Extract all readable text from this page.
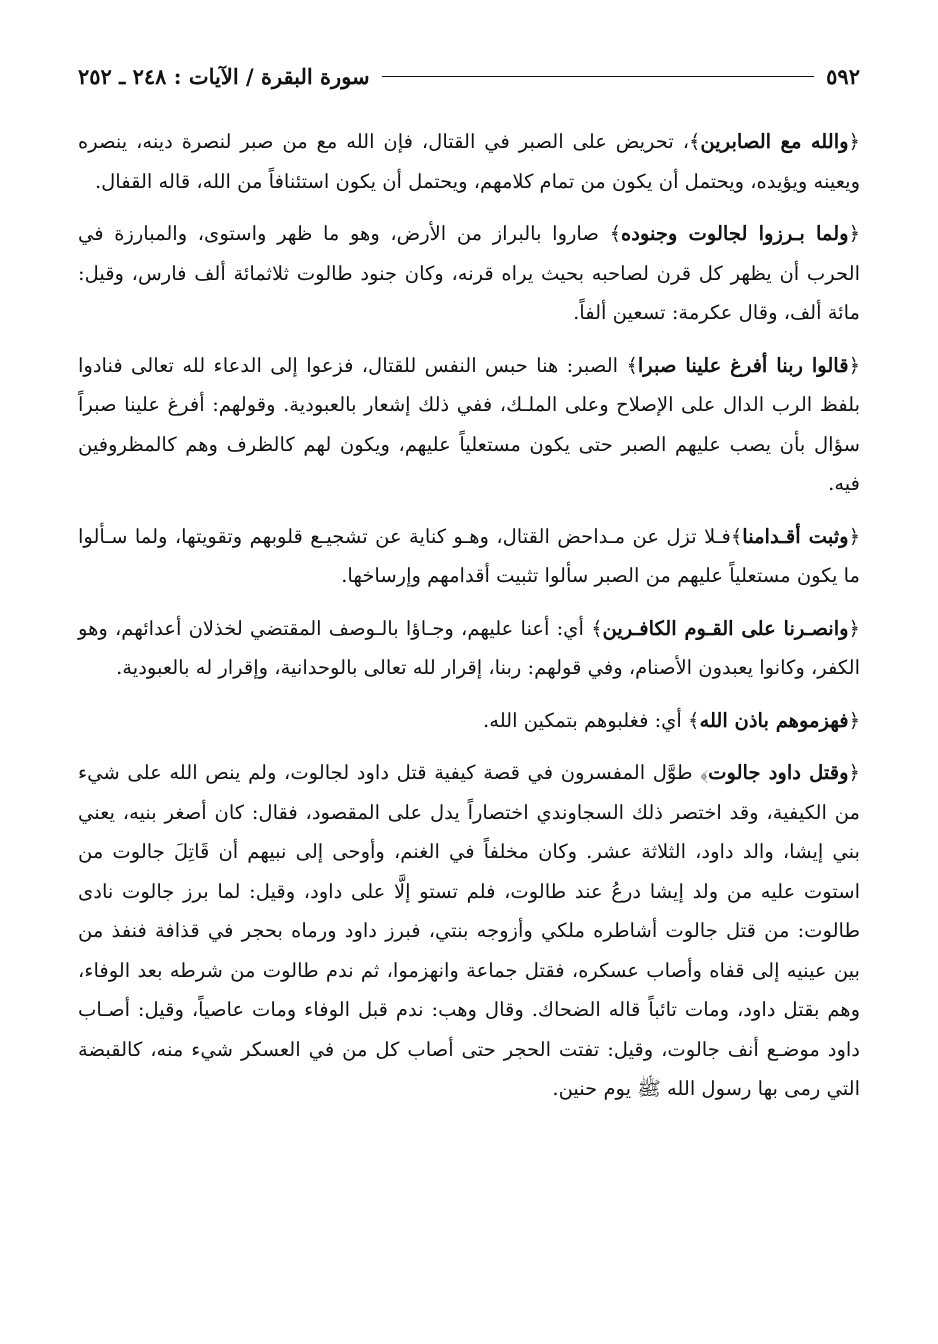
٥٩٢
سورة البقرة / الآيات : ٢٤٨ ـ ٢٥٢

﴿والله مع الصابرين﴾، تحريض على الصبر في القتال، فإن الله مع من صبر لنصرة دينه، ينصره ويعينه ويؤيده، ويحتمل أن يكون من تمام كلامهم، ويحتمل أن يكون استئنافاً من الله، قاله القفال.

﴿ولما بـرزوا لجالوت وجنوده﴾ صاروا بالبراز من الأرض، وهو ما ظهر واستوى، والمبارزة في الحرب أن يظهر كل قرن لصاحبه بحيث يراه قرنه، وكان جنود طالوت ثلاثمائة ألف فارس، وقيل: مائة ألف، وقال عكرمة: تسعين ألفاً.

﴿قالوا ربنا أفرغ علينا صبرا﴾ الصبر: هنا حبس النفس للقتال، فزعوا إلى الدعاء لله تعالى فنادوا بلفظ الرب الدال على الإصلاح وعلى الملـك، ففي ذلك إشعار بالعبودية. وقولهم: أفرغ علينا صبراً سؤال بأن يصب عليهم الصبر حتى يكون مستعلياً عليهم، ويكون لهم كالظرف وهم كالمظروفين فيه.

﴿وثبت أقـدامنا﴾فـلا تزل عن مـداحض القتال، وهـو كناية عن تشجيـع قلوبهم وتقويتها، ولما سـألوا ما يكون مستعلياً عليهم من الصبر سألوا تثبيت أقدامهم وإرساخها.

﴿وانصـرنا على القـوم الكافـرين﴾ أي: أعنا عليهم، وجـاؤا بالـوصف المقتضي لخذلان أعدائهم، وهو الكفر، وكانوا يعبدون الأصنام، وفي قولهم: ربنا، إقرار لله تعالى بالوحدانية، وإقرار له بالعبودية.

﴿فهزموهم باذن الله﴾ أي: فغلبوهم بتمكين الله.

﴿وقتل داود جالوت﴾ طوَّل المفسرون في قصة كيفية قتل داود لجالوت، ولم ينص الله على شيء من الكيفية، وقد اختصر ذلك السجاوندي اختصاراً يدل على المقصود، فقال: كان أصغر بنيه، يعني بني إيشا، والد داود، الثلاثة عشر. وكان مخلفاً في الغنم، وأوحى إلى نبيهم أن قَاتِلَ جالوت من استوت عليه من ولد إيشا درعُ عند طالوت، فلم تستو إلَّا على داود، وقيل: لما برز جالوت نادى طالوت: من قتل جالوت أشاطره ملكي وأزوجه بنتي، فبرز داود ورماه بحجر في قذافة فنفذ من بين عينيه إلى قفاه وأصاب عسكره، فقتل جماعة وانهزموا، ثم ندم طالوت من شرطه بعد الوفاء، وهم بقتل داود، ومات تائباً قاله الضحاك. وقال وهب: ندم قبل الوفاء ومات عاصياً، وقيل: أصـاب داود موضـع أنف جالوت، وقيل: تفتت الحجر حتى أصاب كل من في العسكر شيء منه، كالقبضة التي رمى بها رسول الله ﷺ يوم حنين.
